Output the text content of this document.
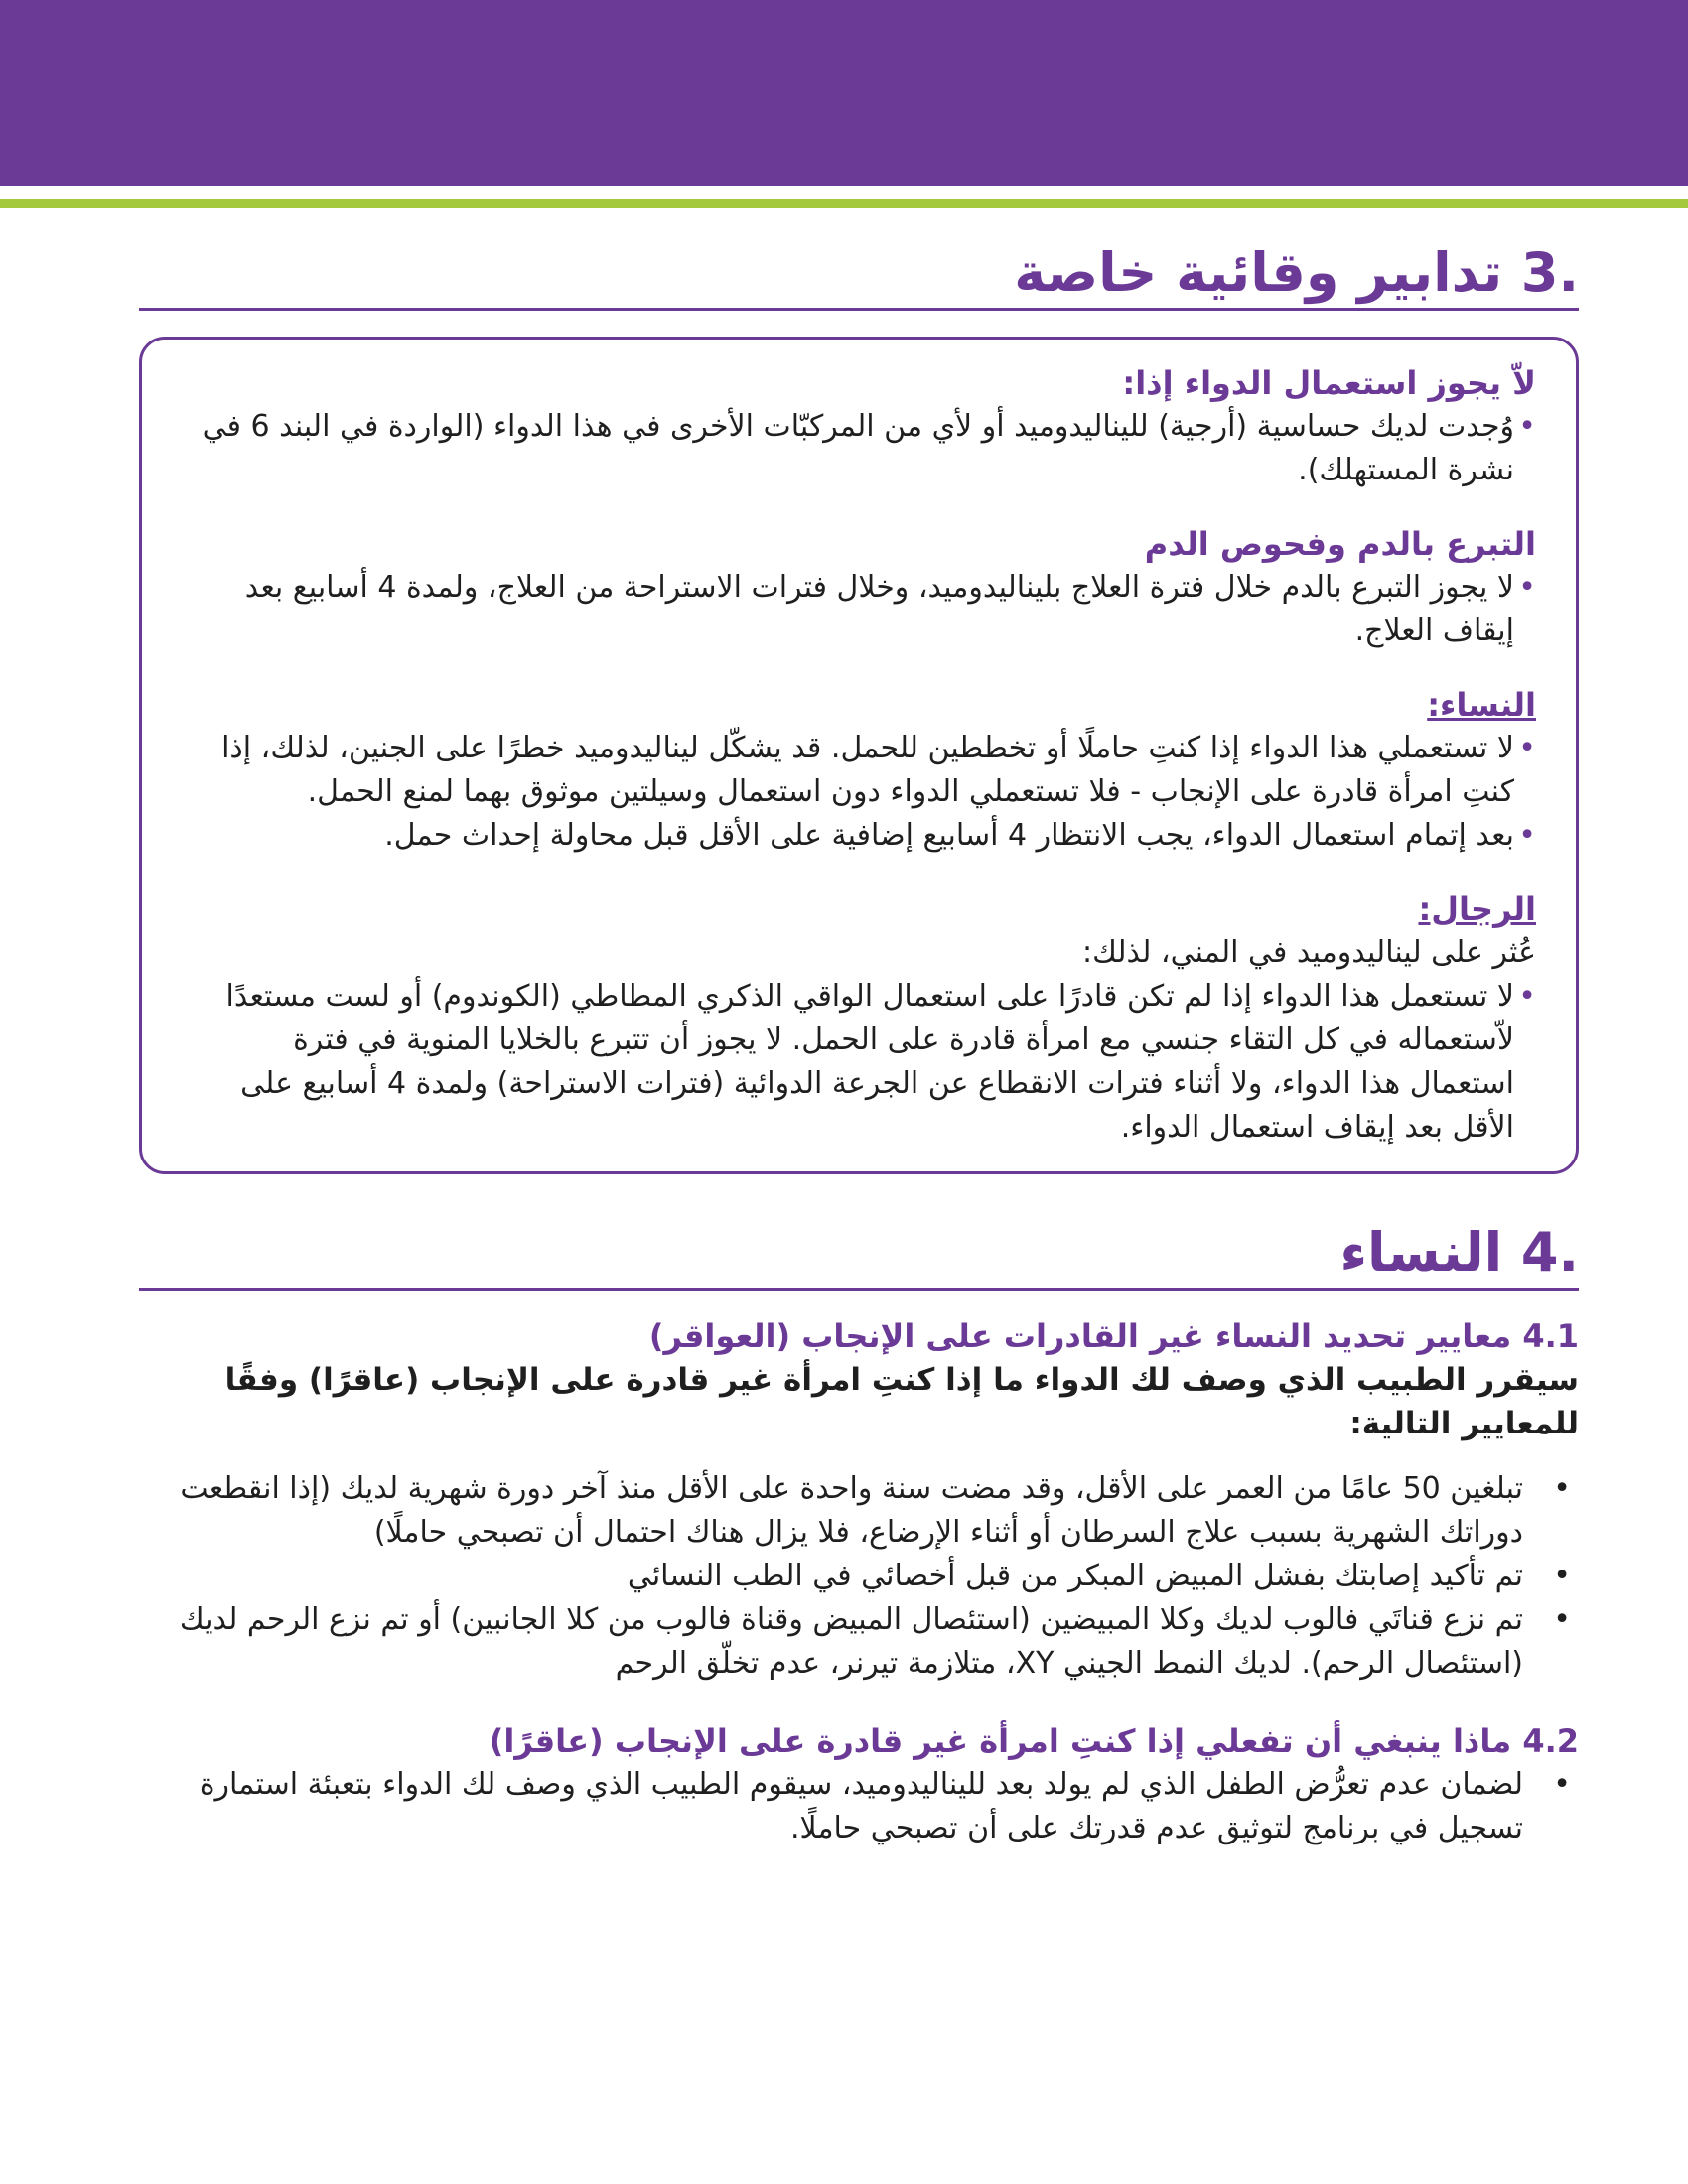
.3 تدابير وقائية خاصة

لاّ يجوز استعمال الدواء إذا:

• وُجدت لديك حساسية (أرجية) للينال​يدوميد أو لأي من المركبّات الأخرى في هذا الدواء (الواردة في البند 6 في نشرة المستهلك).

التبرع بالدم وفحوص الدم

• لا يجوز التبرع بالدم خلال فترة العلاج بلينال​يدوميد، وخلال فترات الاستراحة من العلاج، ولمدة 4 أسابيع بعد إيقاف العلاج.

النساء:

• لا تستعملي هذا الدواء إذا كنتِ حاملًا أو تخططين للحمل. قد يشكّل لينال​يدوميد خطرًا على الجنين، لذلك، إذا كنتِ امرأة قادرة على الإنجاب - فلا تستعملي الدواء دون استعمال وسيلتين موثوق بهما لمنع الحمل.
• بعد إتمام استعمال الدواء، يجب الانتظار 4 أسابيع إضافية على الأقل قبل محاولة إحداث حمل.

الرجال:

عُثر على لينال​يدوميد في المني، لذلك:

• لا تستعمل هذا الدواء إذا لم تكن قادرًا على استعمال الواقي الذكري المطاطي (الكوندوم) أو لست مستعدًا لاّستعماله في كل التقاء جنسي مع امرأة قادرة على الحمل. لا يجوز أن تتبرع بالخلايا المنوية في فترة استعمال هذا الدواء، ولا أثناء فترات الانقطاع عن الجرعة الدوائية (فترات الاستراحة) ولمدة 4 أسابيع على الأقل بعد إيقاف استعمال الدواء.
.4 النساء

4.1 معايير تحديد النساء غير القادرات على الإنجاب (العواقر)

سيقرر الطبيب الذي وصف لك الدواء ما إذا كنتِ امرأة غير قادرة على الإنجاب (عاقرًا) وفقًا للمعايير التالية:

• تبلغين 50 عامًا من العمر على الأقل، وقد مضت سنة واحدة على الأقل منذ آخر دورة شهرية لديك (إذا انقطعت دوراتك الشهرية بسبب علاج السرطان أو أثناء الإرضاع، فلا يزال هناك احتمال أن تصبحي حاملًا)
• تم تأكيد إصابتك بفشل المبيض المبكر من قبل أخصائي في الطب النسائي
• تم نزع قناتَي فالوب لديك وكلا المبيضين (استئصال المبيض وقناة فالوب من كلا الجانبين) أو تم نزع الرحم لديك (استئصال الرحم). لديك النمط الجيني XY، متلازمة تيرنر، عدم تخلّق الرحم

4.2 ماذا ينبغي أن تفعلي إذا كنتِ امرأة غير قادرة على الإنجاب (عاقرًا)

• لضمان عدم تعرُّض الطفل الذي لم يولد بعد للينال​يدوميد، سيقوم الطبيب الذي وصف لك الدواء بتعبئة استمارة تسجيل في برنامج لتوثيق عدم قدرتك على أن تصبحي حاملًا.
